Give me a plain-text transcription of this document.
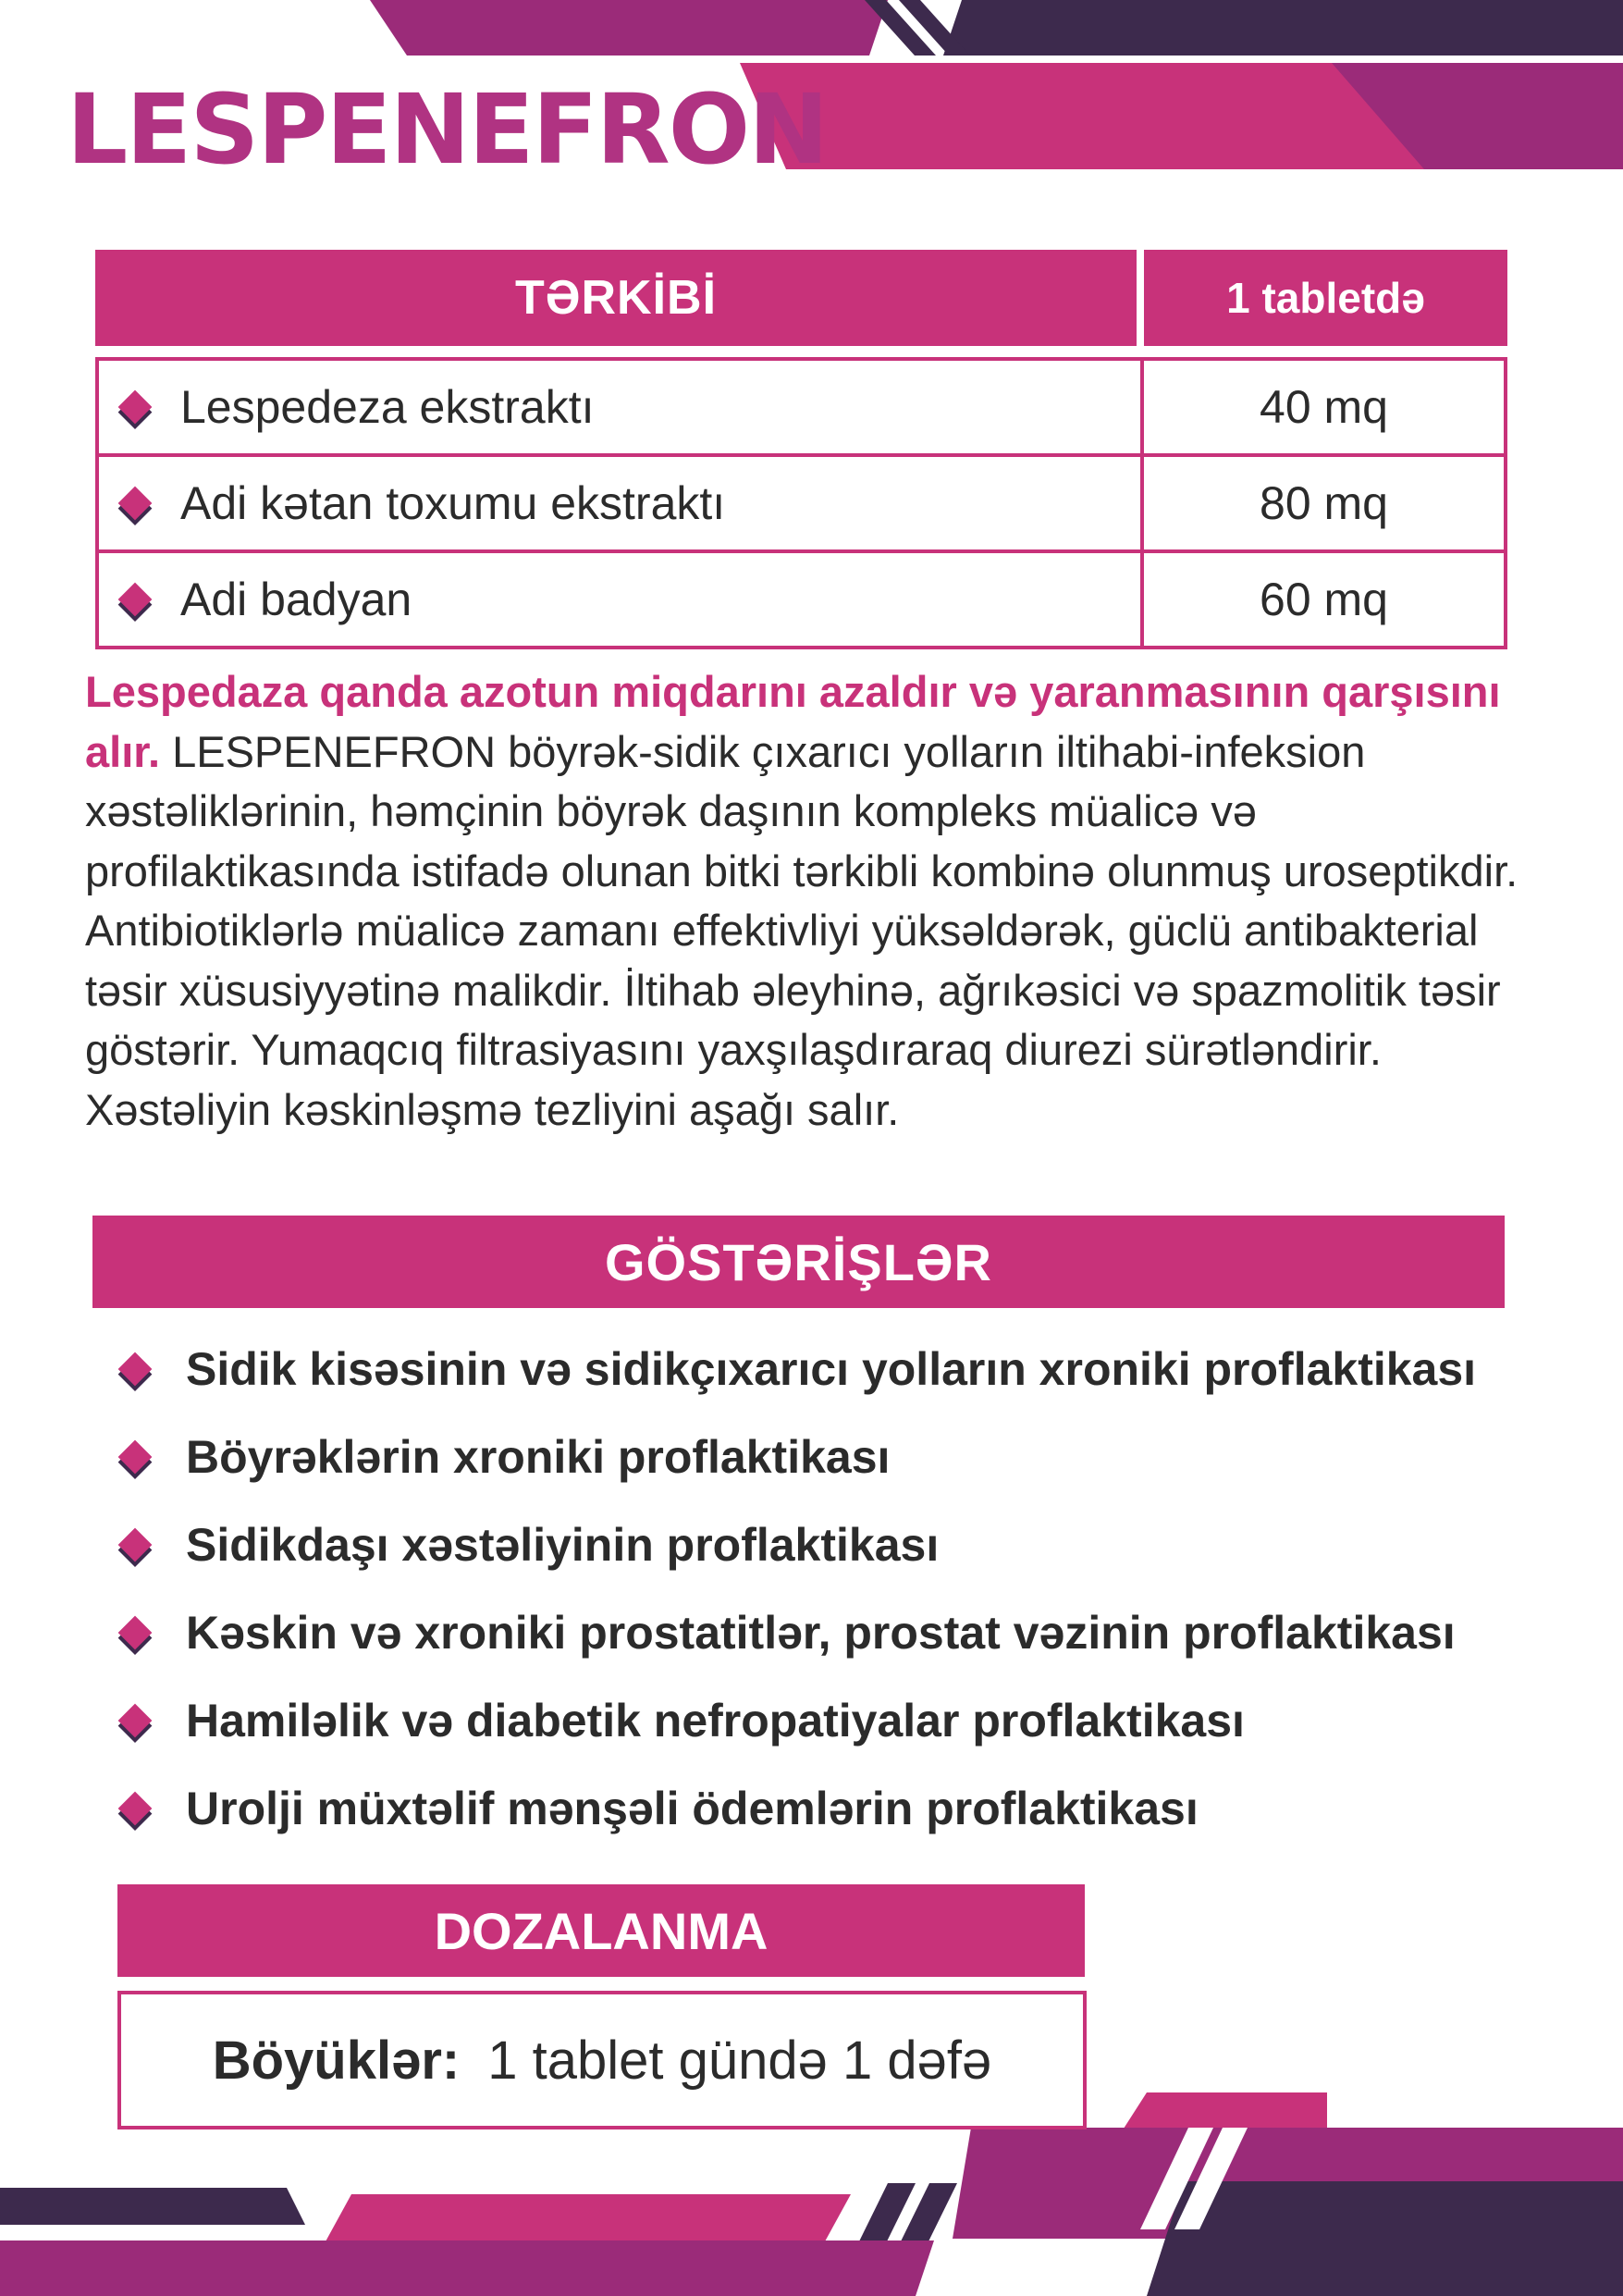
LESPENEFRON
TƏRKİBİ	1 tabletdə
Lespedeza ekstraktı	40 mq
Adi kətan toxumu ekstraktı	80 mq
Adi badyan	60 mq

Lespedaza qanda azotun miqdarını azaldır və yaranmasının qarşısını alır. LESPENEFRON böyrək-sidik çıxarıcı yolların iltihabi-infeksion xəstəliklərinin, həmçinin böyrək daşının kompleks müalicə və profilaktikasında istifadə olunan bitki tərkibli kombinə olunmuş uroseptikdir. Antibiotiklərlə müalicə zamanı effektivliyi yüksəldərək, güclü antibakterial təsir xüsusiyyətinə malikdir. İltihab əleyhinə, ağrıkəsici və spazmolitik təsir göstərir. Yumaqcıq filtrasiyasını yaxşılaşdıraraq diurezi sürətləndirir. Xəstəliyin kəskinləşmə tezliyini aşağı salır.

GÖSTƏRİŞLƏR
Sidik kisəsinin və sidikçıxarıcı yolların xroniki proflaktikası
Böyrəklərin xroniki proflaktikası
Sidikdaşı xəstəliyinin proflaktikası
Kəskin və xroniki prostatitlər, prostat vəzinin proflaktikası
Hamiləlik və diabetik nefropatiyalar proflaktikası
Urolji müxtəlif mənşəli ödemlərin proflaktikası
DOZALANMA
Böyüklər: 1 tablet gündə 1 dəfə
